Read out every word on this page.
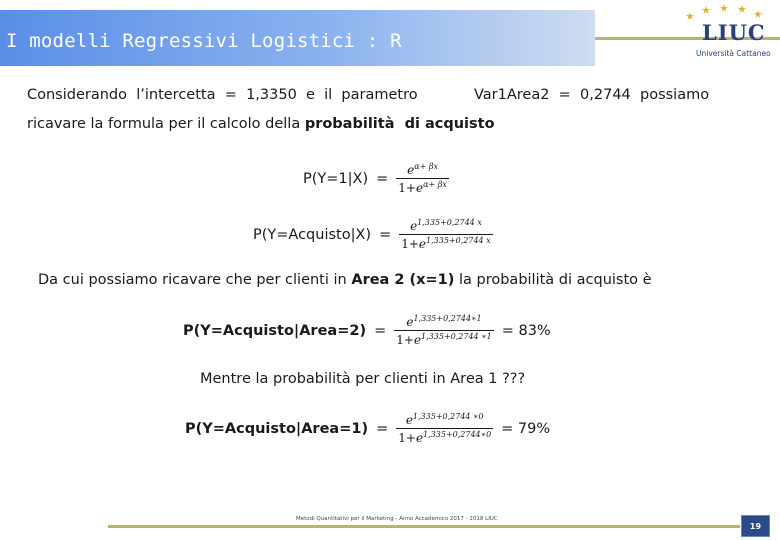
I modelli Regressivi Logistici : R	LIUC
Università Cattaneo
Considerando  l’intercetta  =  1,3350  e  il  parametro	Var1Area2  =  0,2744  possiamo
ricavare la formula per il calcolo della probabilità  di acquisto
$P(Y=1|X) = \frac{e^{\alpha+ \beta x}}{1+e^{\alpha+ \beta x}}$
P(Y=Acquisto|X) = $\frac{e^{1,335+0,2744 x}}{1+e^{1,335+0,2744 x}}$
Da cui possiamo ricavare che per clienti in Area 2 (x=1) la probabilità di acquisto è
P(Y=Acquisto|Area=2) = $\frac{e^{1,335+0,2744∗1}}{1+e^{1,335+0,2744 ∗1}} = 83\%$
Mentre la probabilità per clienti in Area 1 ???
P(Y=Acquisto|Area=1) = $\frac{e^{1,335+0,2744 ∗0}}{1+e^{1,335+0,2744∗0}} = 79\%$
Metodi Quantitativi per il Marketing - Anno Accademico 2017 - 2018 LIUC
19
